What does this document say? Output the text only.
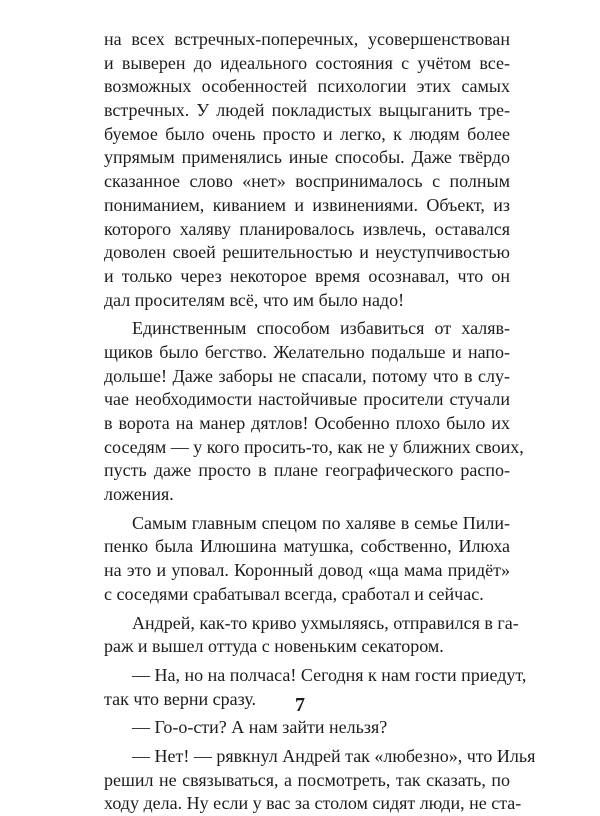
на всех встречных-поперечных, усовершенствован
и выверен до идеального состояния с учётом все-
возможных особенностей психологии этих самых
встречных. У людей покладистых выцыганить тре-
буемое было очень просто и легко, к людям более
упрямым применялись иные способы. Даже твёрдо
сказанное слово «нет» воспринималось с полным
пониманием, киванием и извинениями. Объект, из
которого халяву планировалось извлечь, оставался
доволен своей решительностью и неуступчивостью
и только через некоторое время осознавал, что он
дал просителям всё, что им было надо!
Единственным способом избавиться от халяв-
щиков было бегство. Желательно подальше и напо-
дольше! Даже заборы не спасали, потому что в слу-
чае необходимости настойчивые просители стучали
в ворота на манер дятлов! Особенно плохо было их
соседям — у кого просить-то, как не у ближних своих,
пусть даже просто в плане географического распо-
ложения.
Самым главным спецом по халяве в семье Пили-
пенко была Илюшина матушка, собственно, Илюха
на это и уповал. Коронный довод «ща мама придёт»
с соседями срабатывал всегда, сработал и сейчас.
Андрей, как-то криво ухмыляясь, отправился в га-
раж и вышел оттуда с новеньким секатором.
— На, но на полчаса! Сегодня к нам гости приедут,
так что верни сразу.
— Го-о-сти? А нам зайти нельзя?
— Нет! — рявкнул Андрей так «любезно», что Илья
решил не связываться, а посмотреть, так сказать, по
ходу дела. Ну если у вас за столом сидят люди, не ста-
7
